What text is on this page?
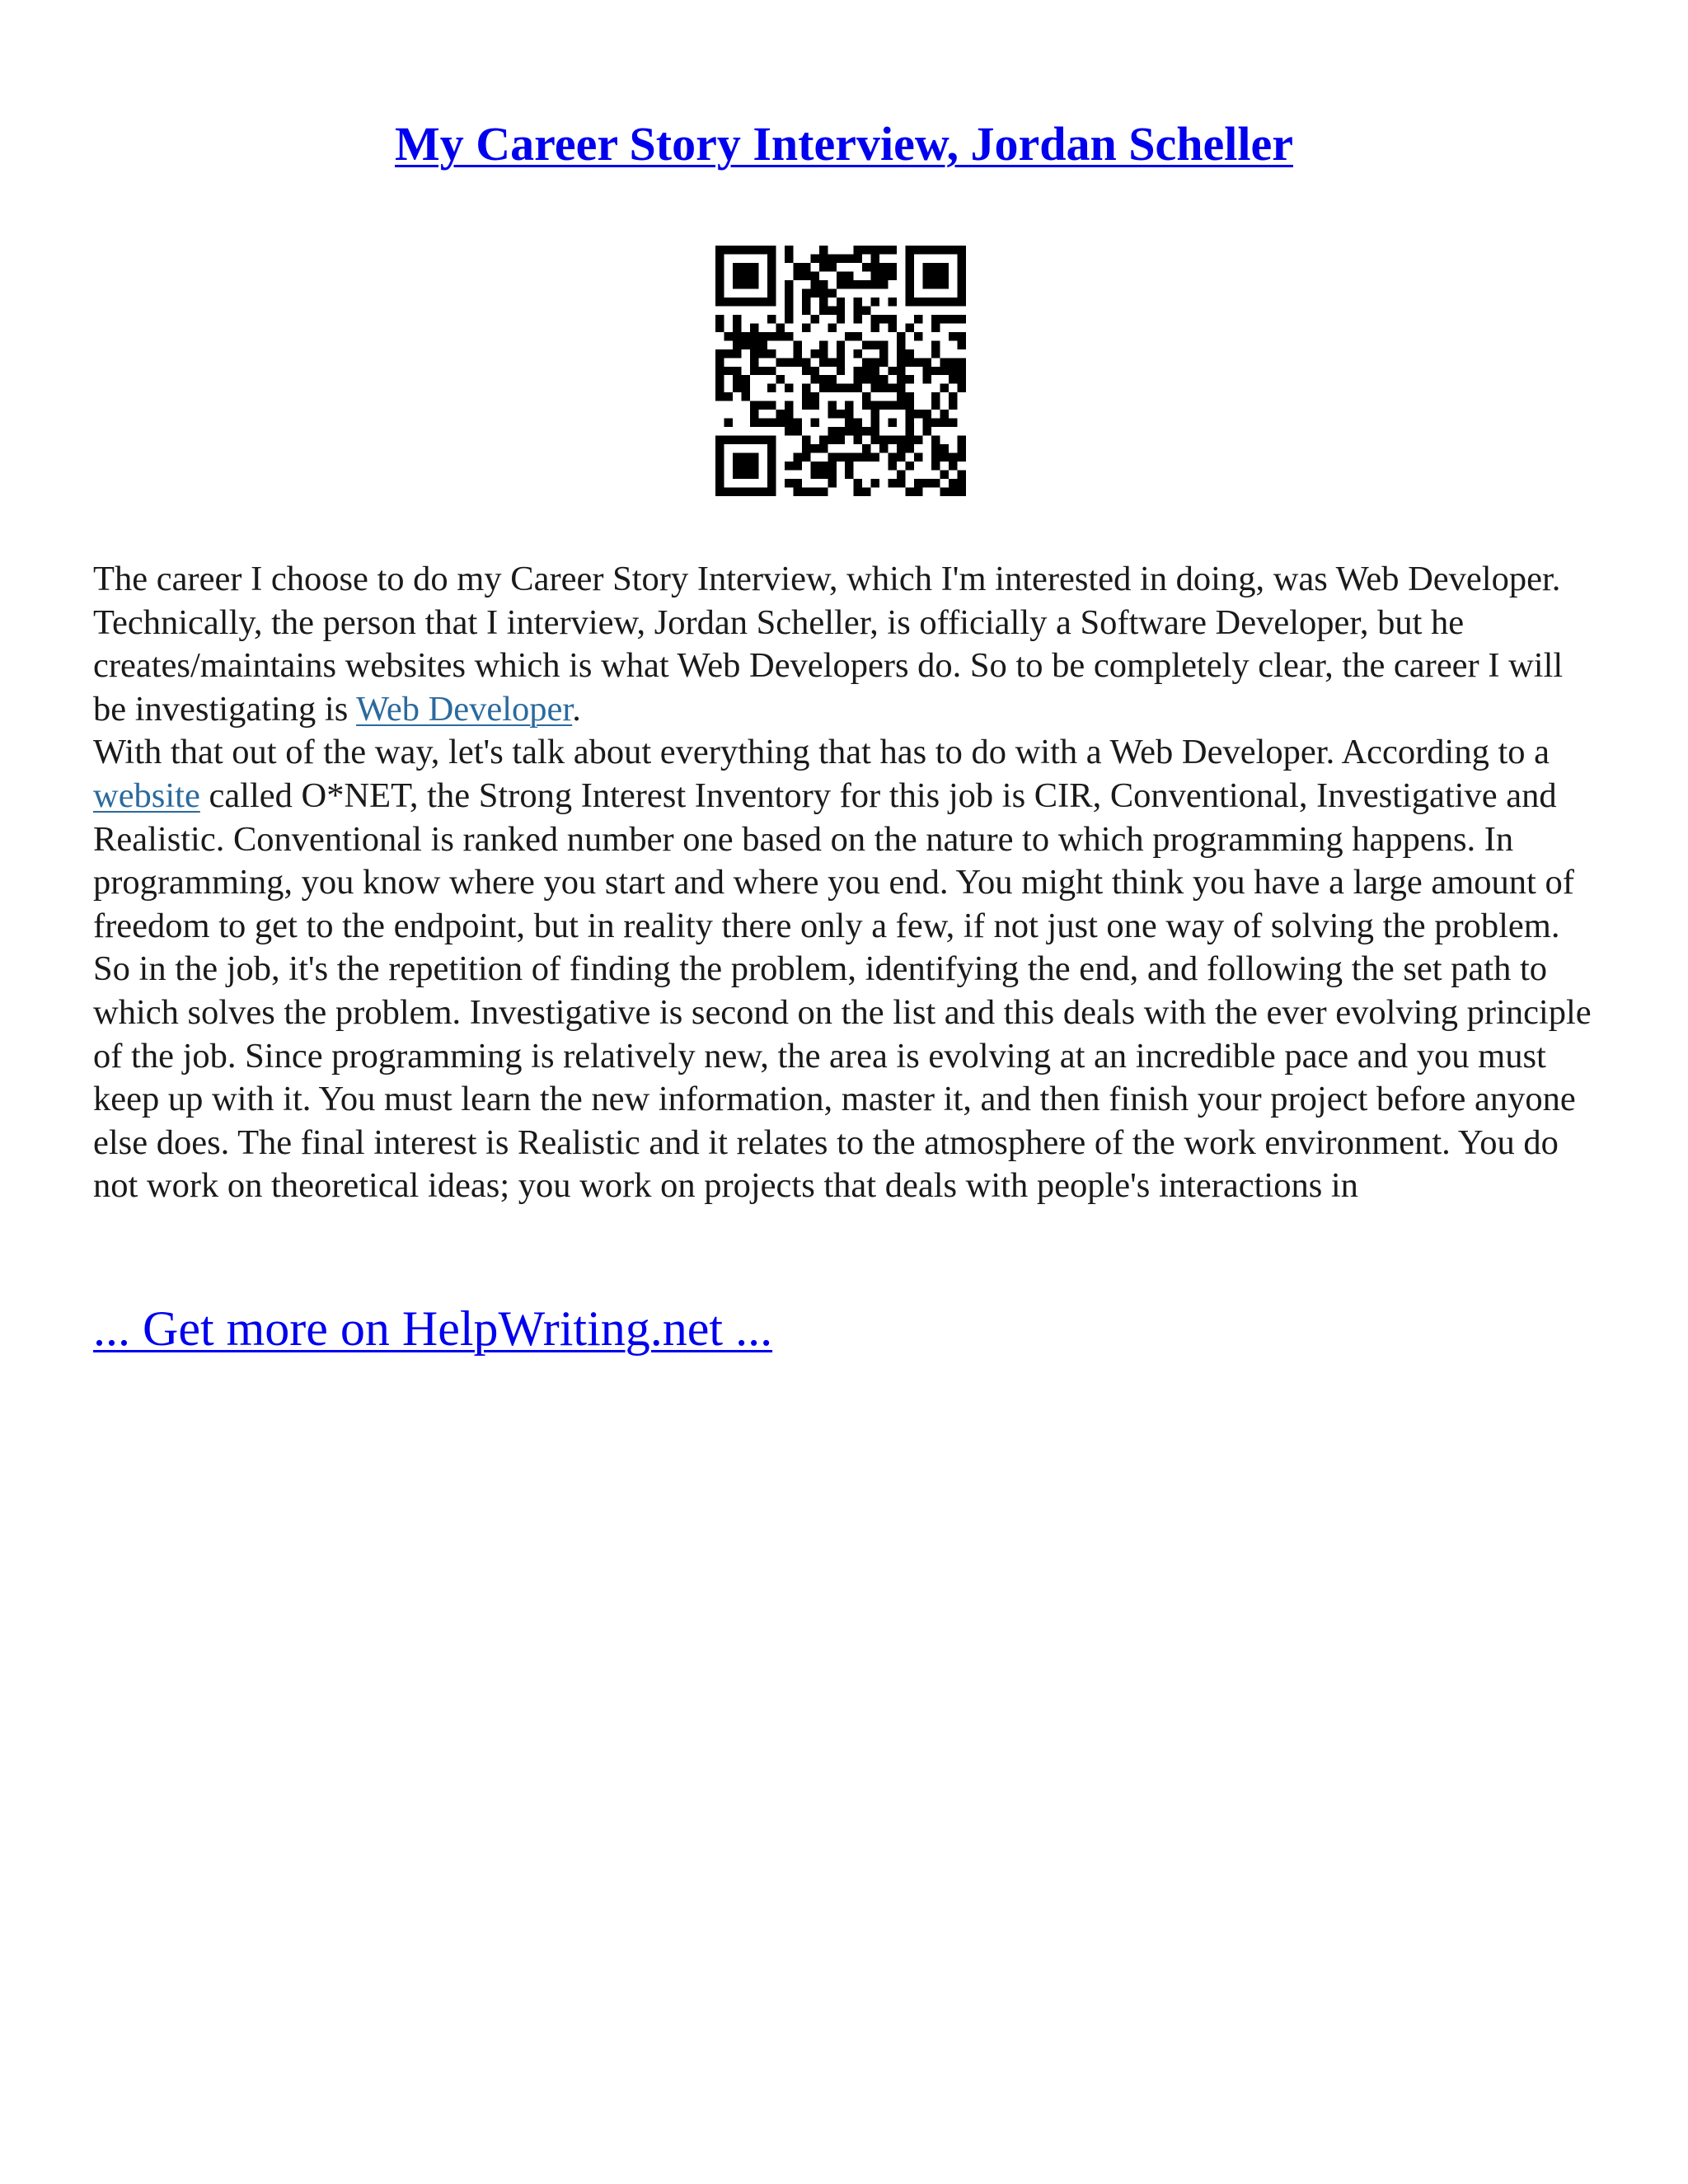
My Career Story Interview, Jordan Scheller

The career I choose to do my Career Story Interview, which I'm interested in doing, was Web Developer. Technically, the person that I interview, Jordan Scheller, is officially a Software Developer, but he creates/maintains websites which is what Web Developers do. So to be completely clear, the career I will be investigating is Web Developer.

With that out of the way, let's talk about everything that has to do with a Web Developer. According to a website called O*NET, the Strong Interest Inventory for this job is CIR, Conventional, Investigative and Realistic. Conventional is ranked number one based on the nature to which programming happens. In programming, you know where you start and where you end. You might think you have a large amount of freedom to get to the endpoint, but in reality there only a few, if not just one way of solving the problem. So in the job, it's the repetition of finding the problem, identifying the end, and following the set path to which solves the problem. Investigative is second on the list and this deals with the ever evolving principle of the job. Since programming is relatively new, the area is evolving at an incredible pace and you must keep up with it. You must learn the new information, master it, and then finish your project before anyone else does. The final interest is Realistic and it relates to the atmosphere of the work environment. You do not work on theoretical ideas; you work on projects that deals with people's interactions in

... Get more on HelpWriting.net ...
